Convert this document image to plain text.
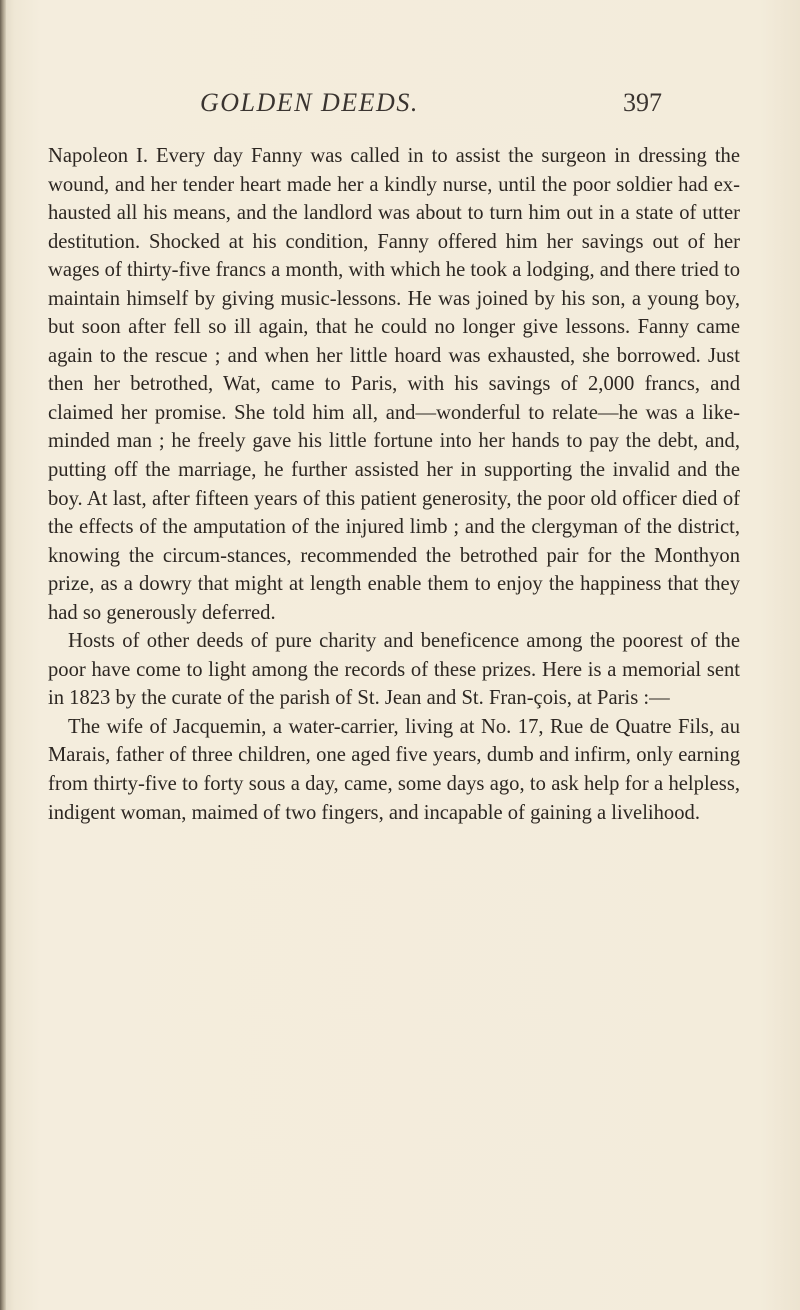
GOLDEN DEEDS.	397

Napoleon I. Every day Fanny was called in to assist the surgeon in dressing the wound, and her tender heart made her a kindly nurse, until the poor soldier had ex-hausted all his means, and the landlord was about to turn him out in a state of utter destitution. Shocked at his condition, Fanny offered him her savings out of her wages of thirty-five francs a month, with which he took a lodging, and there tried to maintain himself by giving music-lessons. He was joined by his son, a young boy, but soon after fell so ill again, that he could no longer give lessons. Fanny came again to the rescue ; and when her little hoard was exhausted, she borrowed. Just then her betrothed, Wat, came to Paris, with his savings of 2,000 francs, and claimed her promise. She told him all, and—wonderful to relate—he was a like-minded man ; he freely gave his little fortune into her hands to pay the debt, and, putting off the marriage, he further assisted her in supporting the invalid and the boy. At last, after fifteen years of this patient generosity, the poor old officer died of the effects of the amputation of the injured limb ; and the clergyman of the district, knowing the circum-stances, recommended the betrothed pair for the Monthyon prize, as a dowry that might at length enable them to enjoy the happiness that they had so generously deferred.

Hosts of other deeds of pure charity and beneficence among the poorest of the poor have come to light among the records of these prizes. Here is a memorial sent in 1823 by the curate of the parish of St. Jean and St. Fran-çois, at Paris :—

The wife of Jacquemin, a water-carrier, living at No. 17, Rue de Quatre Fils, au Marais, father of three children, one aged five years, dumb and infirm, only earning from thirty-five to forty sous a day, came, some days ago, to ask help for a helpless, indigent woman, maimed of two fingers, and incapable of gaining a livelihood.
